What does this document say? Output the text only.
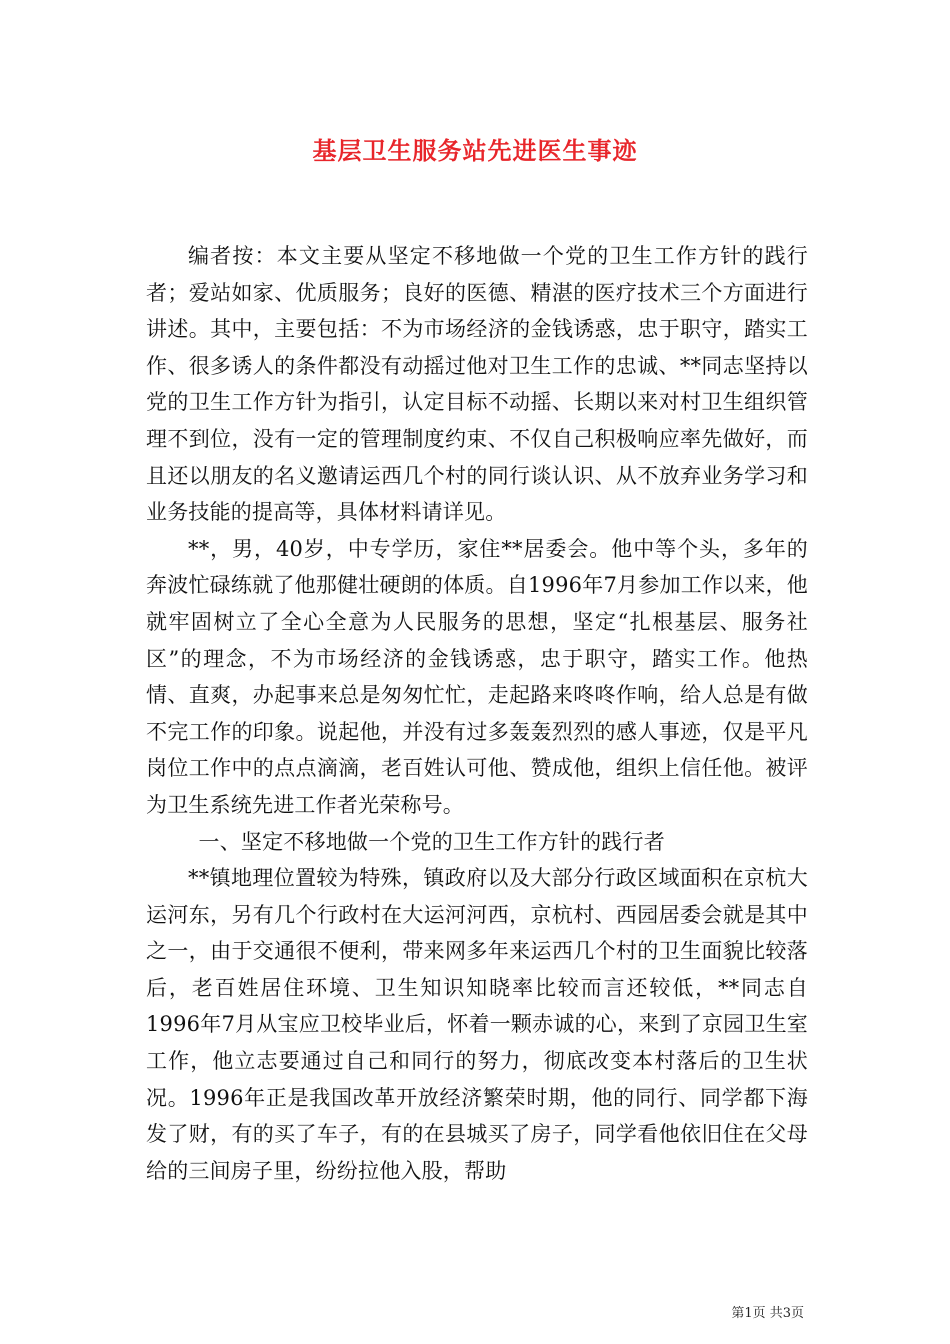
基层卫生服务站先进医生事迹

编者按：本文主要从坚定不移地做一个党的卫生工作方针的践行者；爱站如家、优质服务；良好的医德、精湛的医疗技术三个方面进行讲述。其中，主要包括：不为市场经济的金钱诱惑，忠于职守，踏实工作、很多诱人的条件都没有动摇过他对卫生工作的忠诚、**同志坚持以党的卫生工作方针为指引，认定目标不动摇、长期以来对村卫生组织管理不到位，没有一定的管理制度约束、不仅自己积极响应率先做好，而且还以朋友的名义邀请运西几个村的同行谈认识、从不放弃业务学习和业务技能的提高等，具体材料请详见。

**，男，40岁，中专学历，家住**居委会。他中等个头，多年的奔波忙碌练就了他那健壮硬朗的体质。自1996年7月参加工作以来，他就牢固树立了全心全意为人民服务的思想，坚定“扎根基层、服务社区”的理念，不为市场经济的金钱诱惑，忠于职守，踏实工作。他热情、直爽，办起事来总是匆匆忙忙，走起路来咚咚作响，给人总是有做不完工作的印象。说起他，并没有过多轰轰烈烈的感人事迹，仅是平凡岗位工作中的点点滴滴，老百姓认可他、赞成他，组织上信任他。被评为卫生系统先进工作者光荣称号。

一、坚定不移地做一个党的卫生工作方针的践行者

**镇地理位置较为特殊，镇政府以及大部分行政区域面积在京杭大运河东，另有几个行政村在大运河河西，京杭村、西园居委会就是其中之一，由于交通很不便利，带来网多年来运西几个村的卫生面貌比较落后，老百姓居住环境、卫生知识知晓率比较而言还较低，**同志自1996年7月从宝应卫校毕业后，怀着一颗赤诚的心，来到了京园卫生室工作，他立志要通过自己和同行的努力，彻底改变本村落后的卫生状况。1996年正是我国改革开放经济繁荣时期，他的同行、同学都下海发了财，有的买了车子，有的在县城买了房子，同学看他依旧住在父母给的三间房子里，纷纷拉他入股，帮助

第1页 共3页
